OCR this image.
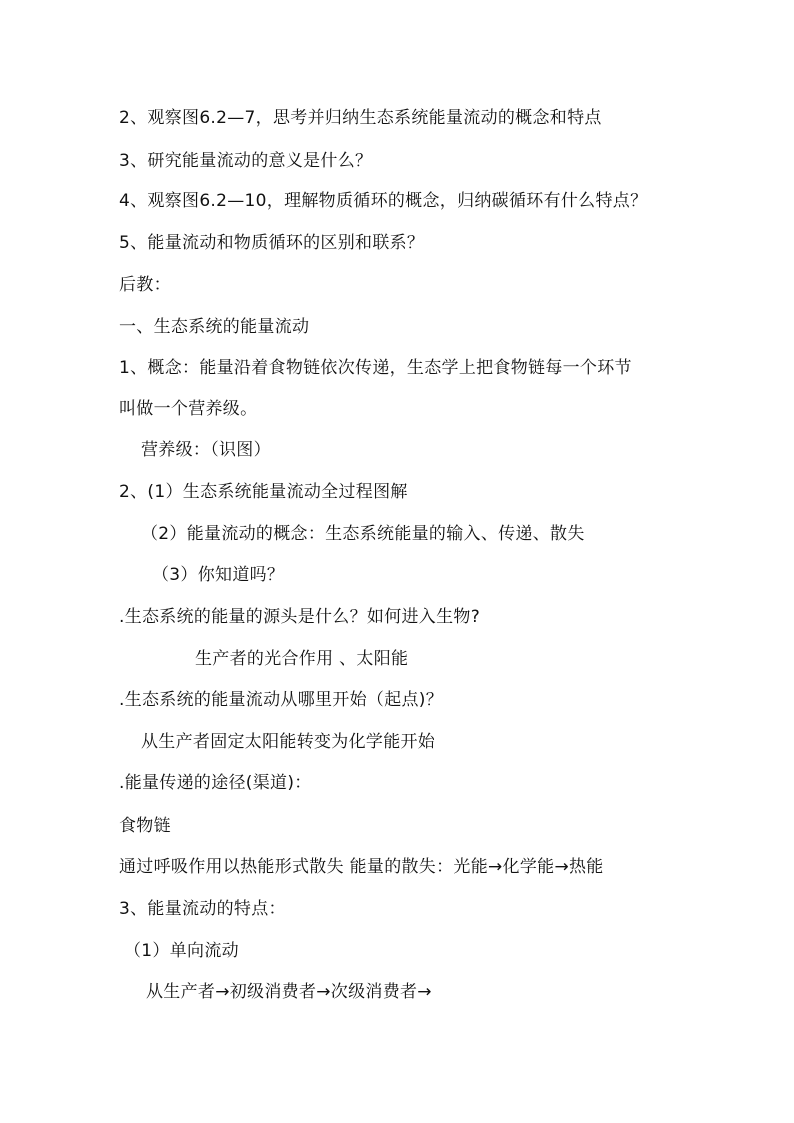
2、观察图6.2—7，思考并归纳生态系统能量流动的概念和特点
3、研究能量流动的意义是什么？
4、观察图6.2—10，理解物质循环的概念，归纳碳循环有什么特点？
5、能量流动和物质循环的区别和联系？
后教：
一、生态系统的能量流动
1、概念：能量沿着食物链依次传递，生态学上把食物链每一个环节
叫做一个营养级。
营养级：（识图）
2、(1）生态系统能量流动全过程图解
（2）能量流动的概念：生态系统能量的输入、传递、散失
（3）你知道吗？
.生态系统的能量的源头是什么？如何进入生物?
生产者的光合作用 、太阳能
.生态系统的能量流动从哪里开始（起点)？
从生产者固定太阳能转变为化学能开始
.能量传递的途径(渠道)：
食物链
通过呼吸作用以热能形式散失 能量的散失：光能→化学能→热能
3、能量流动的特点：
（1）单向流动
从生产者→初级消费者→次级消费者→
